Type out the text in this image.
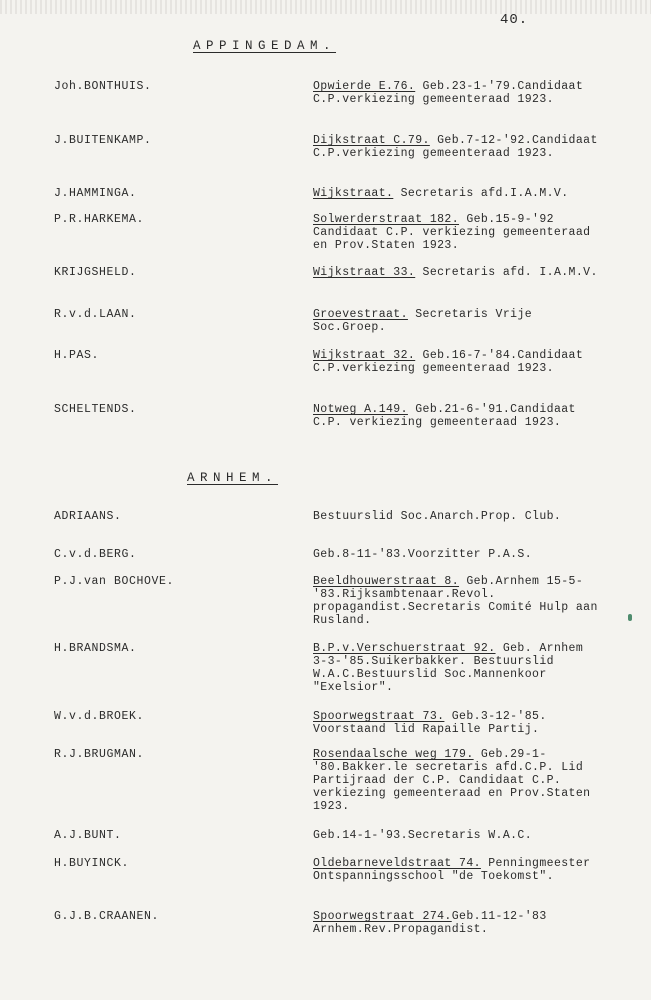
40.
APPINGEDAM.
Joh.BONTHUIS.	Opwierde E.76. Geb.23-1-'79.Candidaat C.P.verkiezing gemeenteraad 1923.
J.BUITENKAMP.	Dijkstraat C.79. Geb.7-12-'92.Candidaat C.P.verkiezing gemeenteraad 1923.
J.HAMMINGA.	Wijkstraat. Secretaris afd.I.A.M.V.
P.R.HARKEMA.	Solwerderstraat 182. Geb.15-9-'92 Candidaat C.P. verkiezing gemeenteraad en Prov.Staten 1923.
KRIJGSHELD.	Wijkstraat 33. Secretaris afd. I.A.M.V.
R.v.d.LAAN.	Groevestraat. Secretaris Vrije Soc.Groep.
H.PAS.	Wijkstraat 32. Geb.16-7-'84.Candidaat C.P.verkiezing gemeenteraad 1923.
SCHELTENDS.	Notweg A.149. Geb.21-6-'91.Candidaat C.P. verkiezing gemeenteraad 1923.
ARNHEM.
ADRIAANS.	Bestuurslid Soc.Anarch.Prop. Club.
C.v.d.BERG.	Geb.8-11-'83.Voorzitter P.A.S.
P.J.van BOCHOVE.	Beeldhouwerstraat 8. Geb.Arnhem 15-5-'83.Rijksambtenaar.Revol. propagandist.Secretaris Comité Hulp aan Rusland.
H.BRANDSMA.	B.P.v.Verschuerstraat 92. Geb. Arnhem 3-3-'85.Suikerbakker. Bestuurslid W.A.C.Bestuurslid Soc.Mannenkoor "Exelsior".
W.v.d.BROEK.	Spoorwegstraat 73. Geb.3-12-'85. Voorstaand lid Rapaille Partij.
R.J.BRUGMAN.	Rosendaalsche weg 179. Geb.29-1-'80.Bakker.le secretaris afd.C.P. Lid Partijraad der C.P. Candidaat C.P. verkiezing gemeenteraad en Prov.Staten 1923.
A.J.BUNT.	Geb.14-1-'93.Secretaris W.A.C.
H.BUYINCK.	Oldebarneveldstraat 74. Penningmeester Ontspanningsschool "de Toekomst".
G.J.B.CRAANEN.	Spoorwegstraat 274.Geb.11-12-'83 Arnhem.Rev.Propagandist.
